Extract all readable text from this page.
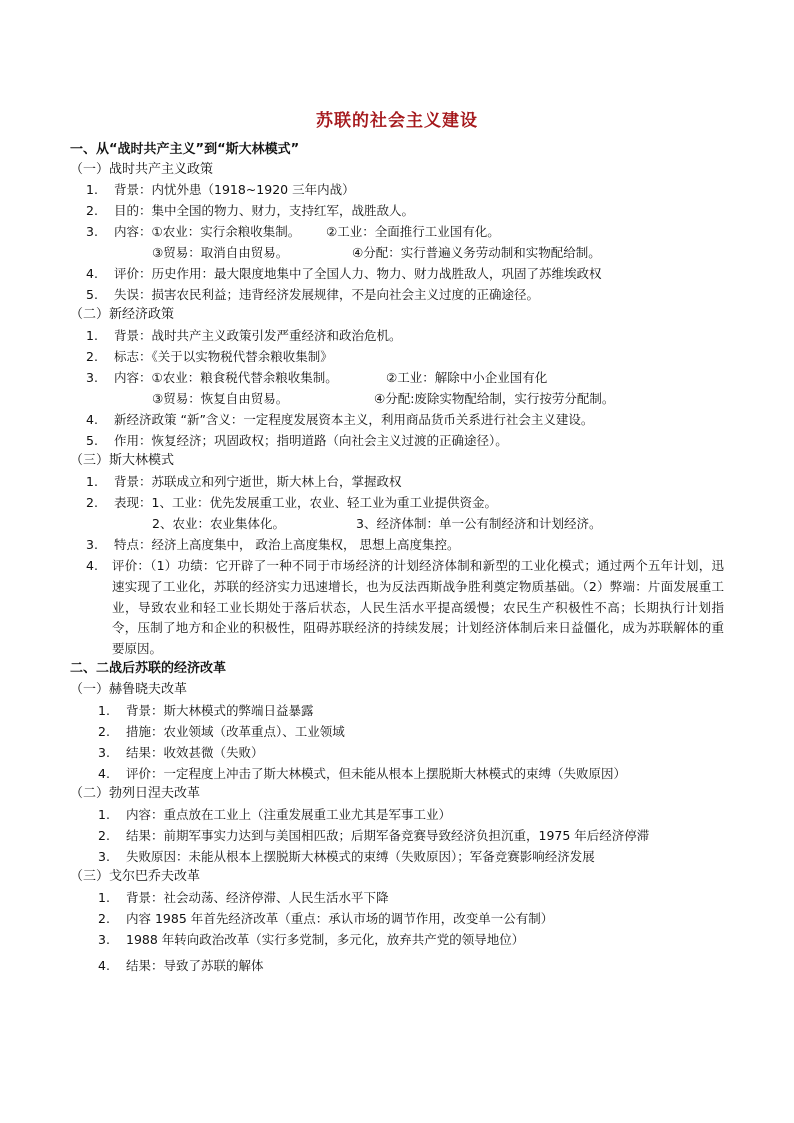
苏联的社会主义建设
一、从“战时共产主义”到“斯大林模式”
（一）战时共产主义政策
1. 背景：内忧外患（1918~1920 三年内战）
2. 目的：集中全国的物力、财力，支持红军，战胜敌人。
3. 内容：①农业：实行余粮收集制。 ②工业：全面推行工业国有化。
③贸易：取消自由贸易。	④分配：实行普遍义务劳动制和实物配给制。
4. 评价：历史作用：最大限度地集中了全国人力、物力、财力战胜敌人，巩固了苏维埃政权
5. 失误：损害农民利益；违背经济发展规律，不是向社会主义过度的正确途径。
（二）新经济政策
1. 背景：战时共产主义政策引发严重经济和政治危机。
2. 标志：《关于以实物税代替余粮收集制》
3. 内容：①农业：粮食税代替余粮收集制。	②工业：解除中小企业国有化
③贸易：恢复自由贸易。	④分配:废除实物配给制，实行按劳分配制。
4. 新经济政策 “新”含义：一定程度发展资本主义，利用商品货币关系进行社会主义建设。
5. 作用：恢复经济；巩固政权；指明道路（向社会主义过渡的正确途径）。
（三）斯大林模式
1. 背景：苏联成立和列宁逝世，斯大林上台，掌握政权
2. 表现：1、工业：优先发展重工业，农业、轻工业为重工业提供资金。
2、农业：农业集体化。	3、经济体制：单一公有制经济和计划经济。
3. 特点：经济上高度集中， 政治上高度集权， 思想上高度集控。
4. 评价：（1）功绩：它开辟了一种不同于市场经济的计划经济体制和新型的工业化模式；通过两个五年计划，迅速实现了工业化，苏联的经济实力迅速增长，也为反法西斯战争胜利奠定物质基础。（2）弊端：片面发展重工业，导致农业和轻工业长期处于落后状态，人民生活水平提高缓慢；农民生产积极性不高；长期执行计划指令，压制了地方和企业的积极性，阻碍苏联经济的持续发展；计划经济体制后来日益僵化，成为苏联解体的重要原因。
二、二战后苏联的经济改革
（一）赫鲁晓夫改革
1. 背景：斯大林模式的弊端日益暴露
2. 措施：农业领域（改革重点）、工业领域
3. 结果：收效甚微（失败）
4. 评价：一定程度上冲击了斯大林模式，但未能从根本上摆脱斯大林模式的束缚（失败原因）
（二）勃列日涅夫改革
1. 内容：重点放在工业上（注重发展重工业尤其是军事工业）
2. 结果：前期军事实力达到与美国相匹敌；后期军备竞赛导致经济负担沉重，1975 年后经济停滞
3. 失败原因：未能从根本上摆脱斯大林模式的束缚（失败原因）；军备竞赛影响经济发展
（三）戈尔巴乔夫改革
1. 背景：社会动荡、经济停滞、人民生活水平下降
2. 内容 1985 年首先经济改革（重点：承认市场的调节作用，改变单一公有制）
3. 1988 年转向政治改革（实行多党制，多元化，放弃共产党的领导地位）
4. 结果：导致了苏联的解体
